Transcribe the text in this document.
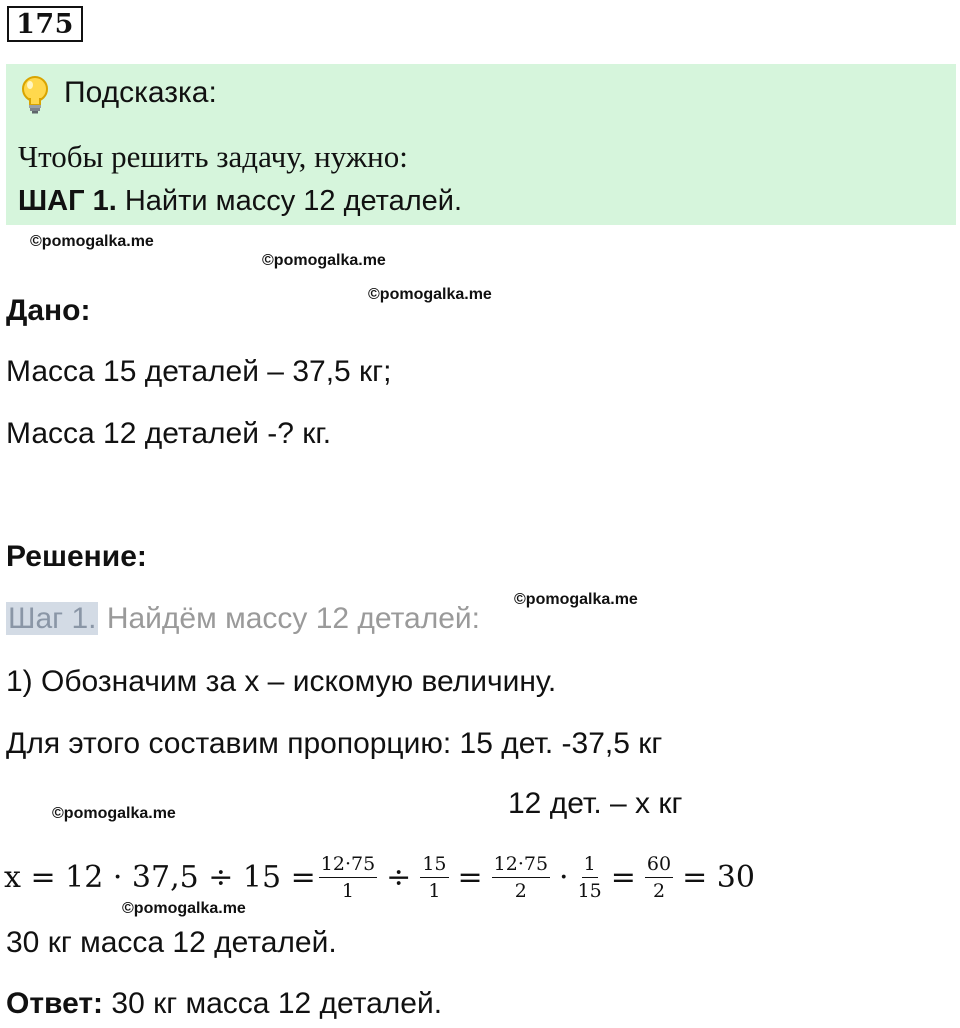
175
Подсказка:
Чтобы решить задачу, нужно:
ШАГ 1. Найти массу 12 деталей.
©pomogalka.me
©pomogalka.me
©pomogalka.me
Дано:
Масса 15 деталей – 37,5 кг;
Масса 12 деталей -? кг.
Решение:
Шаг 1. Найдём массу 12 деталей:
©pomogalka.me
1) Обозначим за х – искомую величину.
Для этого составим пропорцию: 15 дет. -37,5 кг
12 дет. – х кг
©pomogalka.me
$x = 12 \cdot 37,5 \div 15 = \frac{12\cdot 75}{1} \div \frac{15}{1} = \frac{12\cdot 75}{2} \cdot \frac{1}{15} = \frac{60}{2} = 30$
©pomogalka.me
30 кг масса 12 деталей.
Ответ: 30 кг масса 12 деталей.
